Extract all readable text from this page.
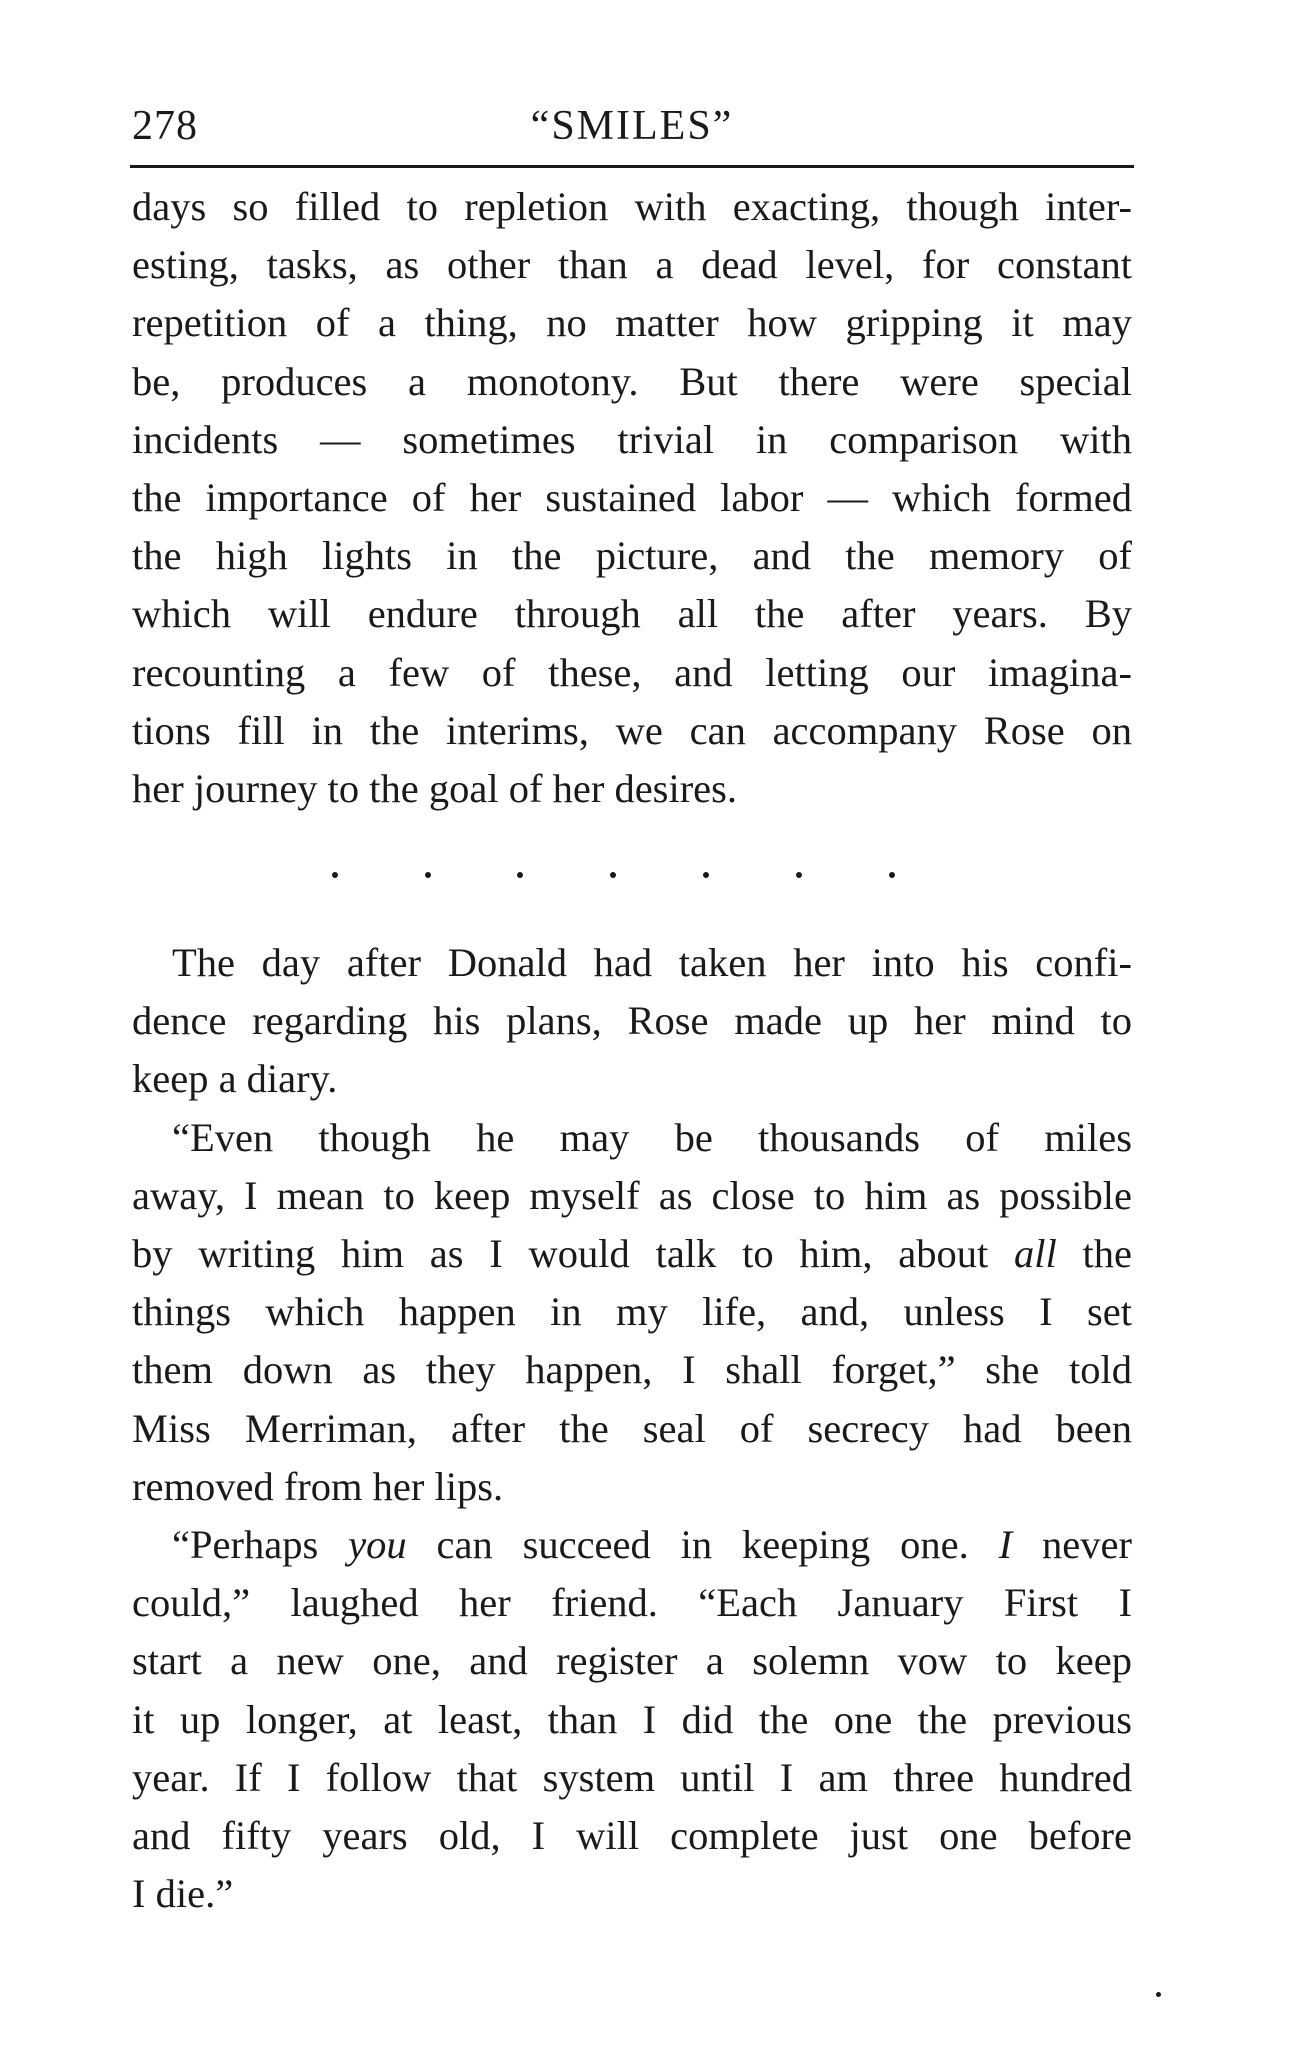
278	“SMILES”
days so filled to repletion with exacting, though inter-
esting, tasks, as other than a dead level, for constant
repetition of a thing, no matter how gripping it may
be, produces a monotony. But there were special
incidents — sometimes trivial in comparison with
the importance of her sustained labor — which formed
the high lights in the picture, and the memory of
which will endure through all the after years. By
recounting a few of these, and letting our imagina-
tions fill in the interims, we can accompany Rose on
her journey to the goal of her desires.
The day after Donald had taken her into his confi-
dence regarding his plans, Rose made up her mind to
keep a diary.
“Even though he may be thousands of miles
away, I mean to keep myself as close to him as possible
by writing him as I would talk to him, about all the
things which happen in my life, and, unless I set
them down as they happen, I shall forget,” she told
Miss Merriman, after the seal of secrecy had been
removed from her lips.
“Perhaps you can succeed in keeping one. I never
could,” laughed her friend. “Each January First I
start a new one, and register a solemn vow to keep
it up longer, at least, than I did the one the previous
year. If I follow that system until I am three hundred
and fifty years old, I will complete just one before
I die.”
